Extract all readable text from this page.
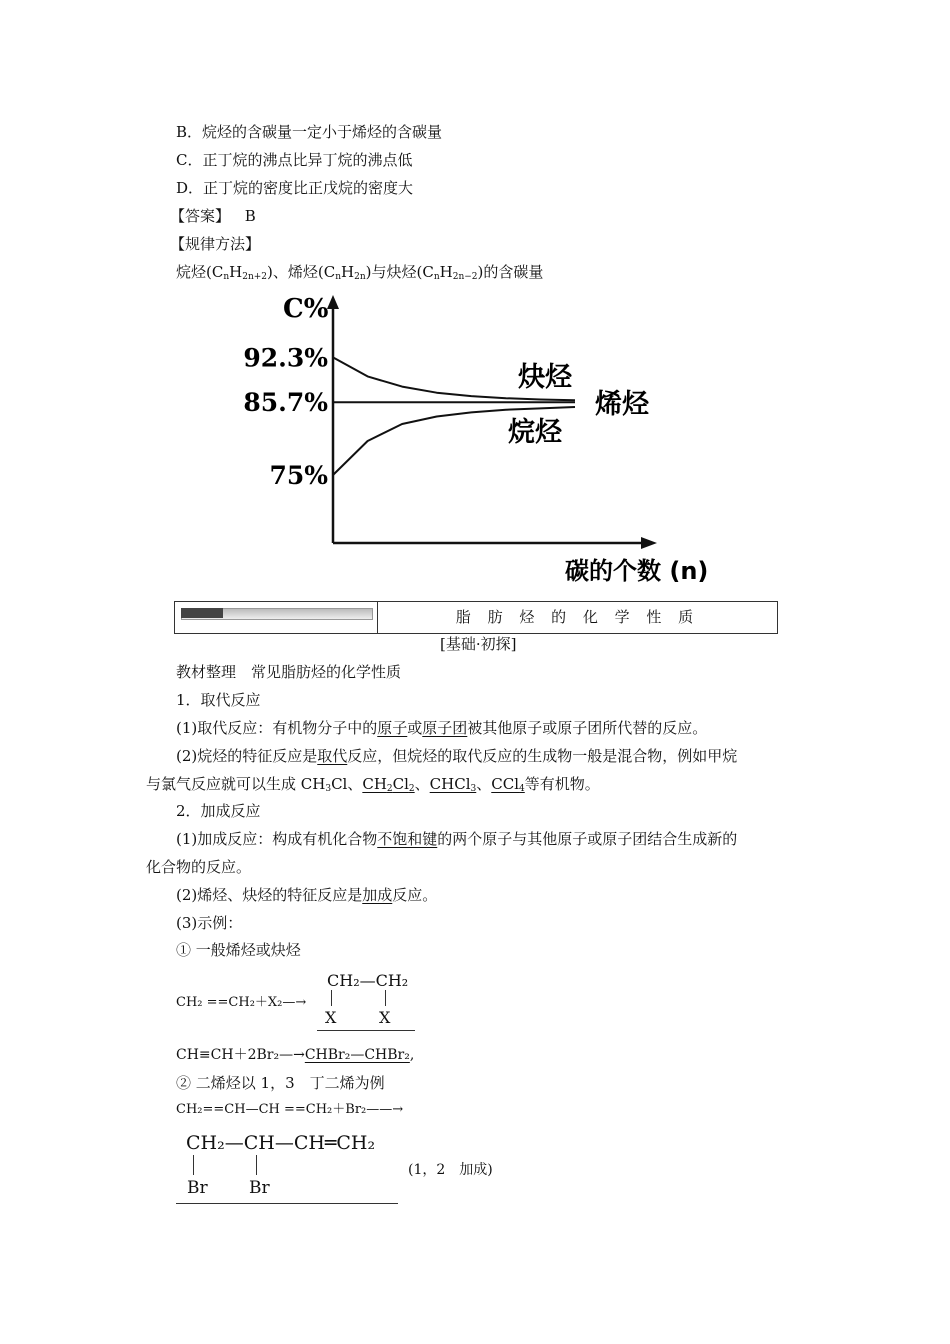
B．烷烃的含碳量一定小于烯烃的含碳量
C．正丁烷的沸点比异丁烷的沸点低
D．正丁烷的密度比正戊烷的密度大
【答案】 B
【规律方法】
烷烃$(C_nH_{2n+2})$、烯烃$(C_nH_{2n})$与炔烃$(C_nH_{2n-2})$的含碳量
C%
碳的个数 (n)
92.3%
85.7%
75%
炔烃
烯烃
烷烃
脂 肪 烃 的 化 学 性 质
[基础·初探]
教材整理　常见脂肪烃的化学性质
1．取代反应
(1)取代反应：有机物分子中的原子或原子团被其他原子或原子团所代替的反应。
(2)烷烃的特征反应是取代反应，但烷烃的取代反应的生成物一般是混合物，例如甲烷
与氯气反应就可以生成 $CH_3Cl$、$CH_2Cl_2$、CHCl$_3$、CCl$_4$等有机物。
2．加成反应
(1)加成反应：构成有机化合物不饱和键的两个原子与其他原子或原子团结合生成新的
化合物的反应。
(2)烯烃、炔烃的特征反应是加成反应。
(3)示例：
① 一般烯烃或炔烃
CH₂ ==CH₂＋X₂—→
CH₂—CH₂
X	X
CH≡CH＋2Br₂—→CHBr₂—CHBr₂,
② 二烯烃以 1，3　丁二烯为例
CH₂==CH—CH ==CH₂＋Br₂——→
CH₂—CH—CH═CH₂
Br Br
(1，2　加成)
